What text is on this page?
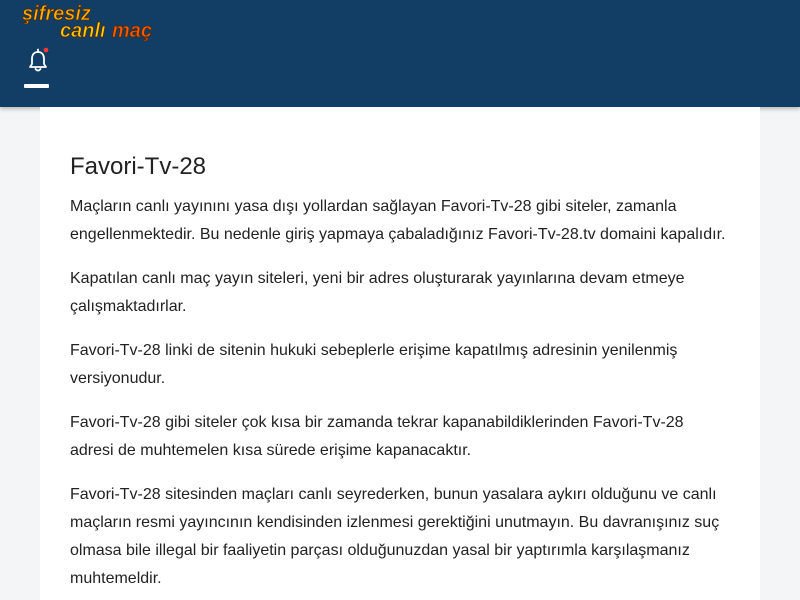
şifresiz
canlı maç
Favori-Tv-28

Maçların canlı yayınını yasa dışı yollardan sağlayan Favori-Tv-28 gibi siteler, zamanla engellenmektedir. Bu nedenle giriş yapmaya çabaladığınız Favori-Tv-28.tv domaini kapalıdır.

Kapatılan canlı maç yayın siteleri, yeni bir adres oluşturarak yayınlarına devam etmeye çalışmaktadırlar.

Favori-Tv-28 linki de sitenin hukuki sebeplerle erişime kapatılmış adresinin yenilenmiş versiyonudur.

Favori-Tv-28 gibi siteler çok kısa bir zamanda tekrar kapanabildiklerinden Favori-Tv-28 adresi de muhtemelen kısa sürede erişime kapanacaktır.

Favori-Tv-28 sitesinden maçları canlı seyrederken, bunun yasalara aykırı olduğunu ve canlı maçların resmi yayıncının kendisinden izlenmesi gerektiğini unutmayın. Bu davranışınız suç olmasa bile illegal bir faaliyetin parçası olduğunuzdan yasal bir yaptırımla karşılaşmanız muhtemeldir.
